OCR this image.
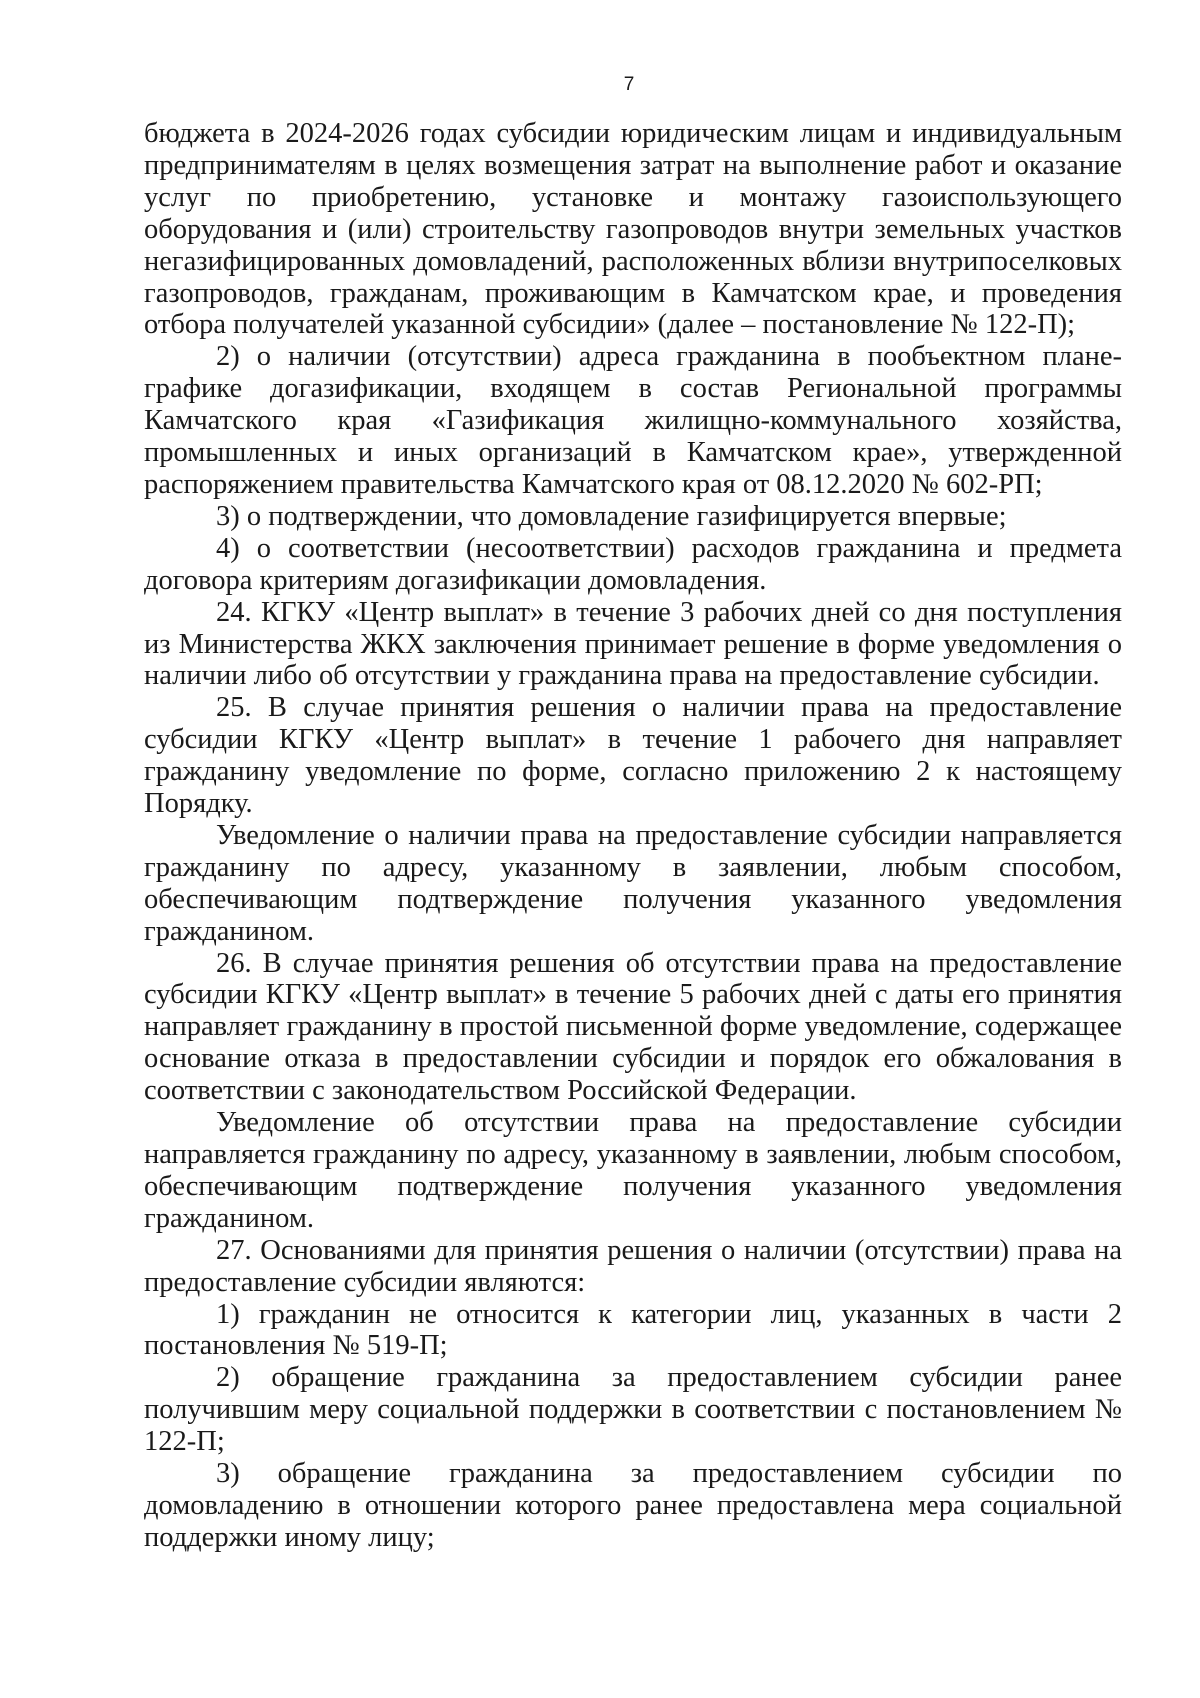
7

бюджета в 2024-2026 годах субсидии юридическим лицам и индивидуальным предпринимателям в целях возмещения затрат на выполнение работ и оказание услуг по приобретению, установке и монтажу газоиспользующего оборудования и (или) строительству газопроводов внутри земельных участков негазифицированных домовладений, расположенных вблизи внутрипоселковых газопроводов, гражданам, проживающим в Камчатском крае, и проведения отбора получателей указанной субсидии» (далее – постановление № 122-П);

2) о наличии (отсутствии) адреса гражданина в пообъектном плане-графике догазификации, входящем в состав Региональной программы Камчатского края «Газификация жилищно-коммунального хозяйства, промышленных и иных организаций в Камчатском крае», утвержденной распоряжением правительства Камчатского края от 08.12.2020 № 602-РП;

3) о подтверждении, что домовладение газифицируется впервые;

4) о соответствии (несоответствии) расходов гражданина и предмета договора критериям догазификации домовладения.

24. КГКУ «Центр выплат» в течение 3 рабочих дней со дня поступления из Министерства ЖКХ заключения принимает решение в форме уведомления о наличии либо об отсутствии у гражданина права на предоставление субсидии.

25. В случае принятия решения о наличии права на предоставление субсидии КГКУ «Центр выплат» в течение 1 рабочего дня направляет гражданину уведомление по форме, согласно приложению 2 к настоящему Порядку.

Уведомление о наличии права на предоставление субсидии направляется гражданину по адресу, указанному в заявлении, любым способом, обеспечивающим подтверждение получения указанного уведомления гражданином.

26. В случае принятия решения об отсутствии права на предоставление субсидии КГКУ «Центр выплат» в течение 5 рабочих дней с даты его принятия направляет гражданину в простой письменной форме уведомление, содержащее основание отказа в предоставлении субсидии и порядок его обжалования в соответствии с законодательством Российской Федерации.

Уведомление об отсутствии права на предоставление субсидии направляется гражданину по адресу, указанному в заявлении, любым способом, обеспечивающим подтверждение получения указанного уведомления гражданином.

27. Основаниями для принятия решения о наличии (отсутствии) права на предоставление субсидии являются:

1) гражданин не относится к категории лиц, указанных в части 2 постановления № 519-П;

2) обращение гражданина за предоставлением субсидии ранее получившим меру социальной поддержки в соответствии с постановлением № 122-П;

3) обращение гражданина за предоставлением субсидии по домовладению в отношении которого ранее предоставлена мера социальной поддержки иному лицу;
